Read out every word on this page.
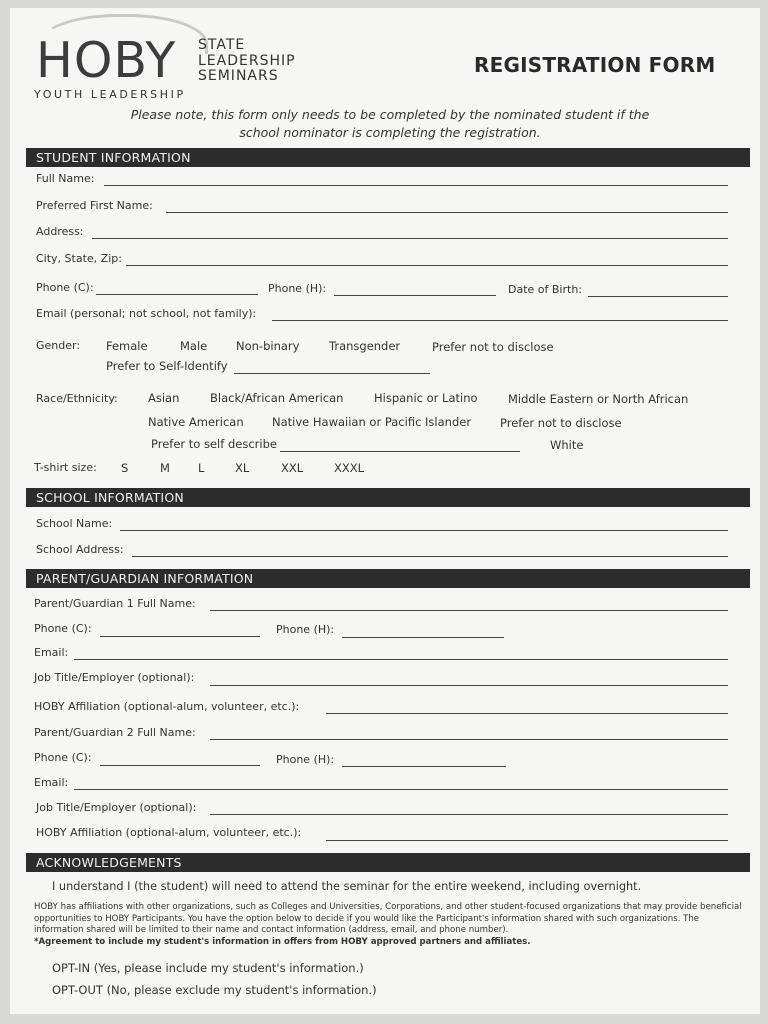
HOBY STATE
LEADERSHIP
SEMINARS
YOUTH LEADERSHIP
REGISTRATION FORM
Please note, this form only needs to be completed by the nominated student if the school nominator is completing the registration.
STUDENT INFORMATION
Full Name:
Preferred First Name:
Address:
City, State, Zip:
Phone (C):	Phone (H):	Date of Birth:
Email (personal; not school, not family):
Gender: Female	Male	Non-binary	Transgender	Prefer not to disclose
Prefer to Self-Identify
Race/Ethnicity:	Asian	Black/African American	Hispanic or Latino	Middle Eastern or North African
Native American Native Hawaiian or Pacific Islander	Prefer not to disclose
Prefer to self describe	White
T-shirt size: S	M L	XL	XXL	XXXL
SCHOOL INFORMATION
School Name:
School Address:
PARENT/GUARDIAN INFORMATION
Parent/Guardian 1 Full Name:
Phone (C):	Phone (H):
Email:
Job Title/Employer (optional):
HOBY Affiliation (optional-alum, volunteer, etc.):
Parent/Guardian 2 Full Name:
Phone (C):	Phone (H):
Email:
Job Title/Employer (optional):
HOBY Affiliation (optional-alum, volunteer, etc.):
ACKNOWLEDGEMENTS
I understand I (the student) will need to attend the seminar for the entire weekend, including overnight.
HOBY has affiliations with other organizations, such as Colleges and Universities, Corporations, and other student-focused organizations that may provide beneficial opportunities to HOBY Participants. You have the option below to decide if you would like the Participant's information shared with such organizations. The information shared will be limited to their name and contact information (address, email, and phone number).
*Agreement to include my student's information in offers from HOBY approved partners and affiliates.
OPT-IN (Yes, please include my student's information.)
OPT-OUT (No, please exclude my student's information.)
